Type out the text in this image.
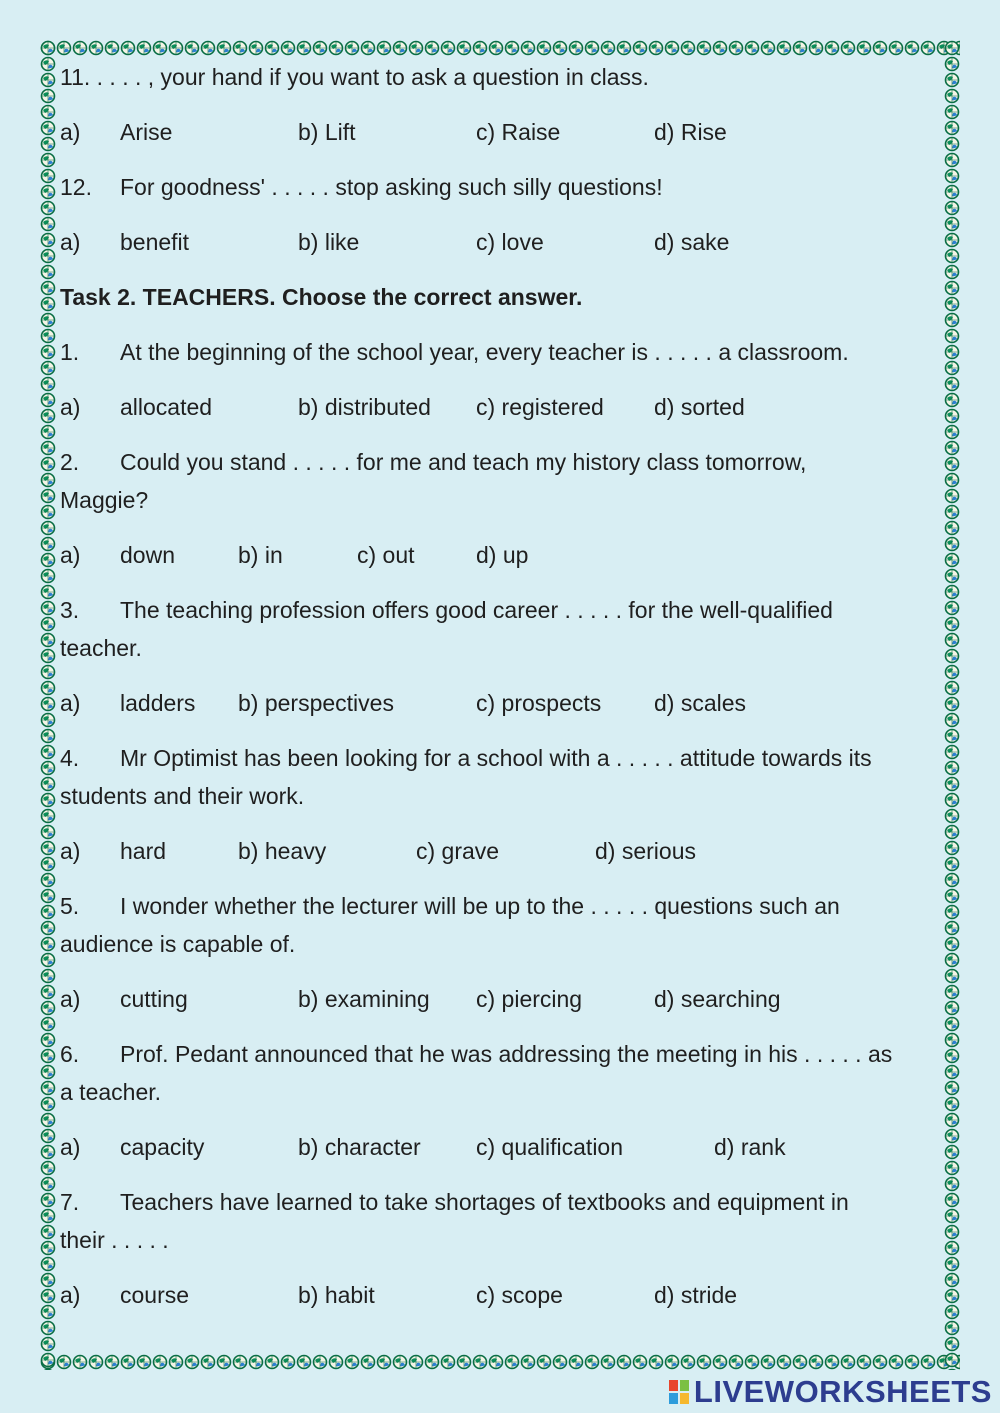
11. . . . . , your hand if you want to ask a question in class.
a) Arise	b) Lift	c) Raise	d) Rise
12. For goodness' . . . . . stop asking such silly questions!
a) benefit	b) like	c) love	d) sake
Task 2. TEACHERS. Choose the correct answer.
1. At the beginning of the school year, every teacher is . . . . . a classroom.
a) allocated	b) distributed c) registered d) sorted
2. Could you stand . . . . . for me and teach my history class tomorrow,
Maggie?
a) down	b) in	c) out	d) up
3. The teaching profession offers good career . . . . . for the well-qualified
teacher.
a) ladders b) perspectives	c) prospects d) scales
4. Mr Optimist has been looking for a school with a . . . . . attitude towards its
students and their work.
a) hard	b) heavy	c) grave	d) serious
5. I wonder whether the lecturer will be up to the . . . . . questions such an
audience is capable of.
a) cutting	b) examining c) piercing	d) searching
6. Prof. Pedant announced that he was addressing the meeting in his . . . . . as
a teacher.
a) capacity	b) character c) qualification	d) rank
7. Teachers have learned to take shortages of textbooks and equipment in
their . . . . .
a) course	b) habit	c) scope	d) stride
LIVEWORKSHEETS
